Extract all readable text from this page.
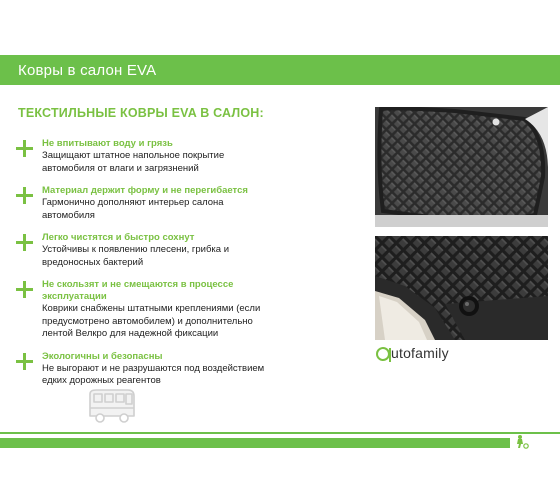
Ковры в салон EVA
ТЕКСТИЛЬНЫЕ КОВРЫ EVA В САЛОН:
Не впитывают воду и грязь
Защищают штатное напольное покрытие
автомобиля от влаги и загрязнений
Материал держит форму и не перегибается
Гармонично дополняют интерьер салона
автомобиля
Легко чистятся и быстро сохнут
Устойчивы к появлению плесени, грибка и
вредоносных бактерий
Не скользят и не смещаются в процессе
эксплуатации
Коврики снабжены штатными креплениями (если
предусмотрено автомобилем) и дополнительно
лентой Велкро для надежной фиксации
Экологичны и безопасны
Не выгорают и не разрушаются под воздействием
едких дорожных реагентов
utofamily
